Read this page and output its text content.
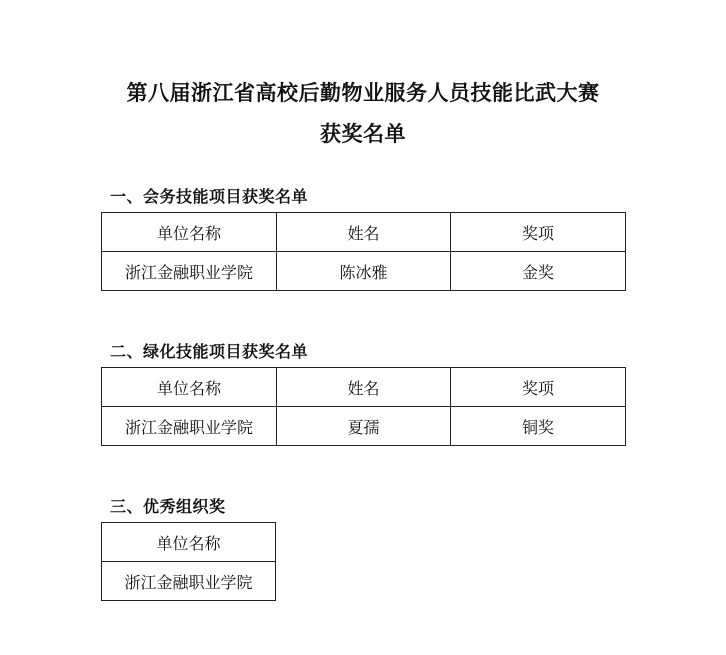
第八届浙江省高校后勤物业服务人员技能比武大赛
获奖名单
一、会务技能项目获奖名单
单位名称	姓名	奖项
浙江金融职业学院	陈冰雅	金奖
二、绿化技能项目获奖名单
单位名称	姓名	奖项
浙江金融职业学院	夏孺	铜奖
三、优秀组织奖
单位名称
浙江金融职业学院
